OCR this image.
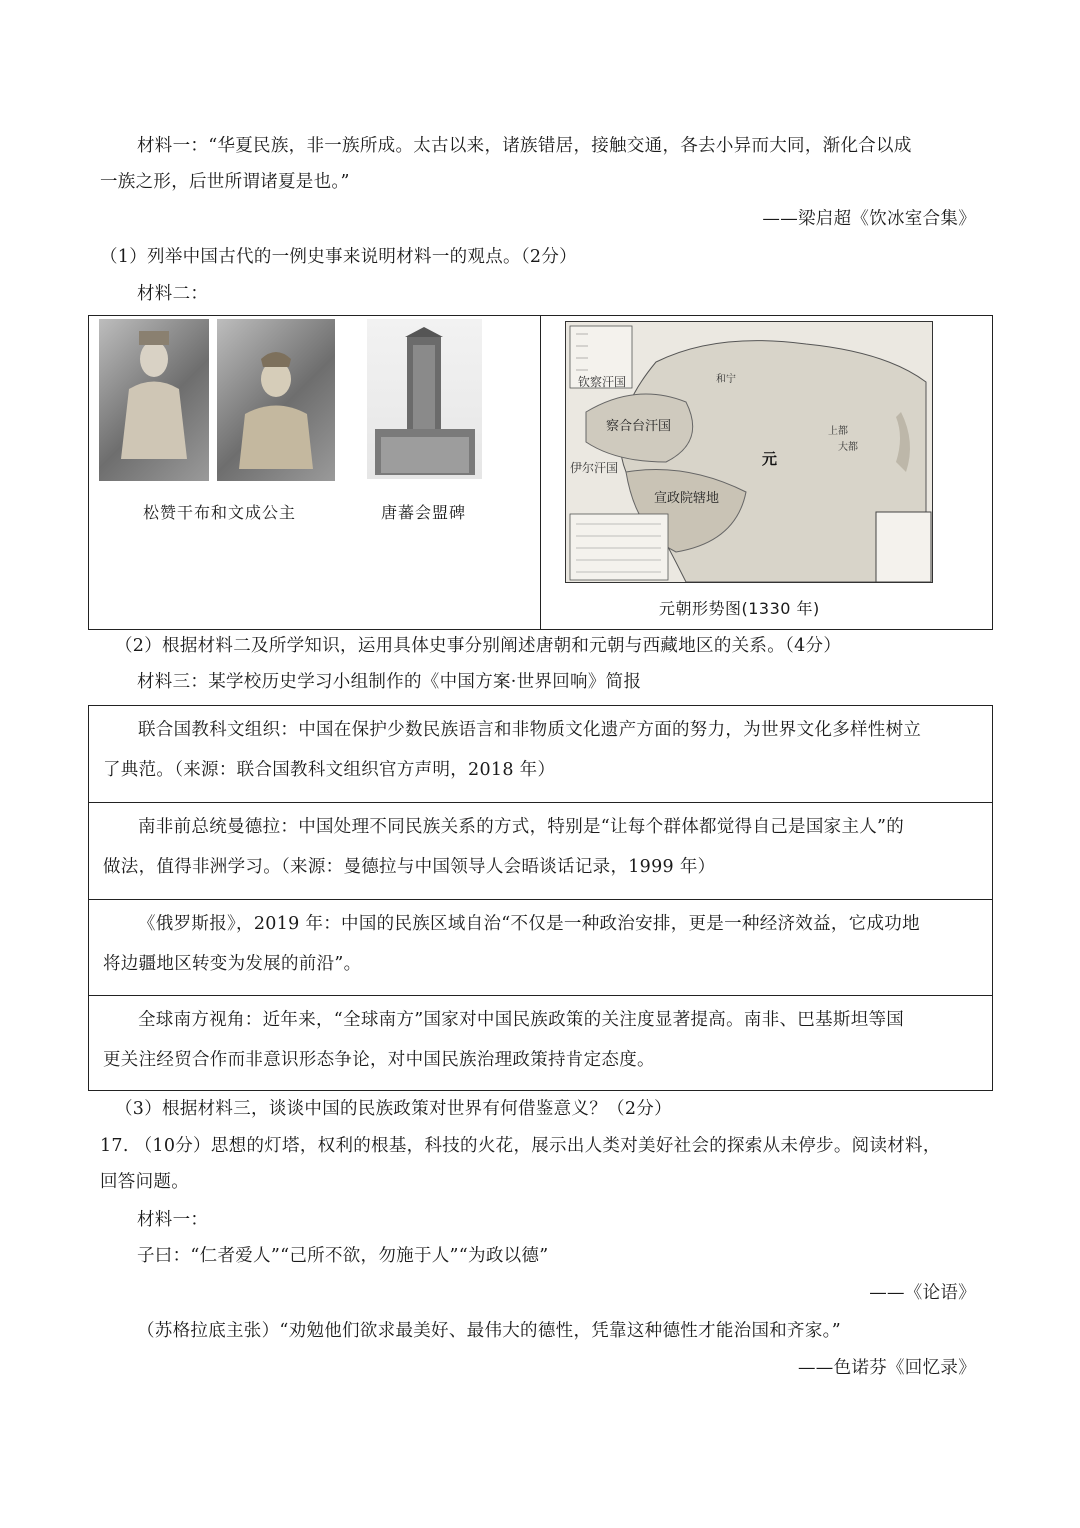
材料一：“华夏民族，非一族所成。太古以来，诸族错居，接触交通，各去小异而大同，渐化合以成
一族之形，后世所谓诸夏是也。”
——梁启超《饮冰室合集》
（1）列举中国古代的一例史事来说明材料一的观点。（2分）
材料二：
松赞干布和文成公主	唐蕃会盟碑
钦察汗国
察合台汗国
伊尔汗国
宣政院辖地
元
和宁
上都
大都
元朝形势图(1330 年)
（2）根据材料二及所学知识，运用具体史事分别阐述唐朝和元朝与西藏地区的关系。（4分）
材料三：某学校历史学习小组制作的《中国方案·世界回响》简报
联合国教科文组织：中国在保护少数民族语言和非物质文化遗产方面的努力，为世界文化多样性树立

了典范。（来源：联合国教科文组织官方声明，2018 年）
南非前总统曼德拉：中国处理不同民族关系的方式，特别是“让每个群体都觉得自己是国家主人”的
做法，值得非洲学习。（来源：曼德拉与中国领导人会晤谈话记录，1999 年）
《俄罗斯报》，2019 年：中国的民族区域自治“不仅是一种政治安排，更是一种经济效益，它成功地
将边疆地区转变为发展的前沿”。
全球南方视角：近年来，“全球南方”国家对中国民族政策的关注度显著提高。南非、巴基斯坦等国
更关注经贸合作而非意识形态争论，对中国民族治理政策持肯定态度。
（3）根据材料三，谈谈中国的民族政策对世界有何借鉴意义？（2分）
17. （10分）思想的灯塔，权利的根基，科技的火花，展示出人类对美好社会的探索从未停步。阅读材料，
回答问题。
材料一：
子曰：“仁者爱人”“己所不欲，勿施于人”“为政以德”
——《论语》
（苏格拉底主张）“劝勉他们欲求最美好、最伟大的德性，凭靠这种德性才能治国和齐家。”
——色诺芬《回忆录》
